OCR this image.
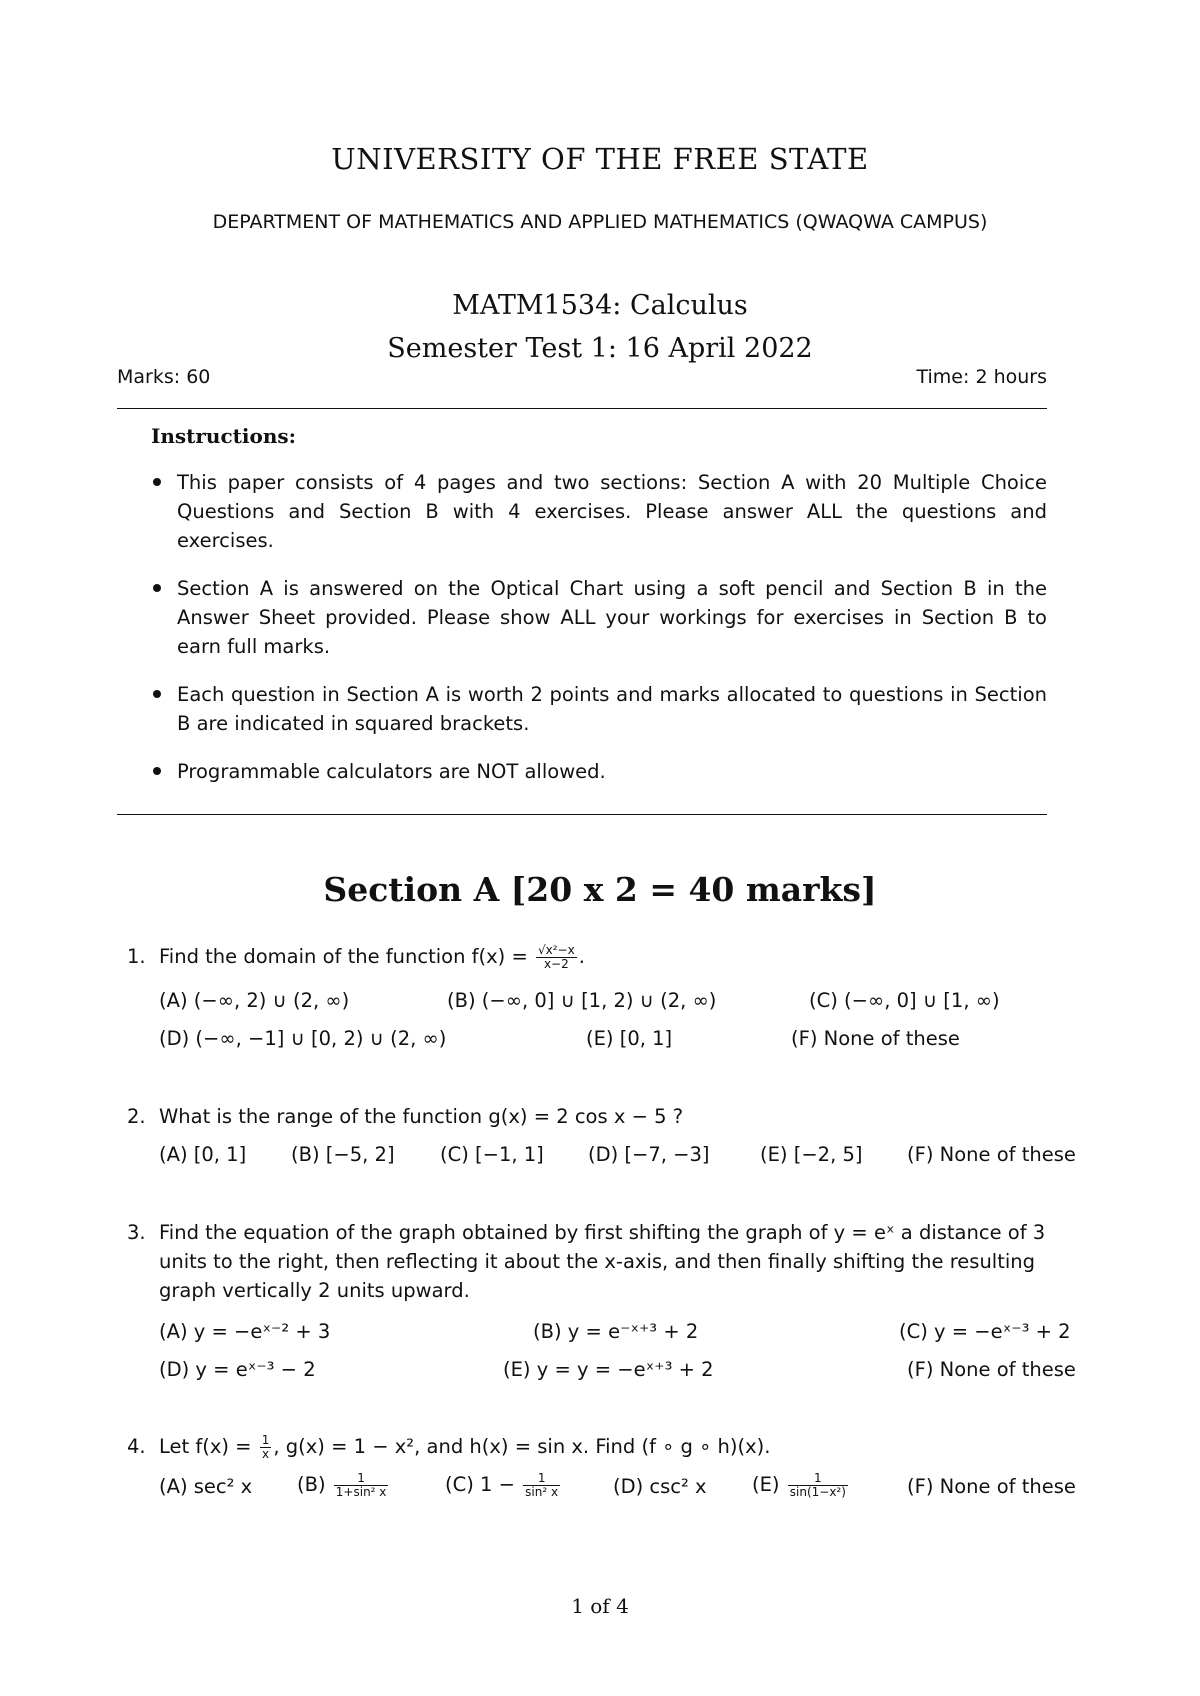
UNIVERSITY OF THE FREE STATE
DEPARTMENT OF MATHEMATICS AND APPLIED MATHEMATICS (QWAQWA CAMPUS)
MATM1534: Calculus
Semester Test 1: 16 April 2022
Marks: 60	Time: 2 hours
Instructions:
This paper consists of 4 pages and two sections: Section A with 20 Multiple Choice Questions and Section B with 4 exercises. Please answer ALL the questions and exercises.
Section A is answered on the Optical Chart using a soft pencil and Section B in the Answer Sheet provided. Please show ALL your workings for exercises in Section B to earn full marks.
Each question in Section A is worth 2 points and marks allocated to questions in Section B are indicated in squared brackets.
Programmable calculators are NOT allowed.
Section A [20 x 2 = 40 marks]
1. Find the domain of the function $f(x) = \frac{\text{√x²−x}}{x-2}$ .
(A) (−∞, 2) ∪ (2, ∞)	(B) (−∞, 0] ∪ [1, 2) ∪ (2, ∞)	(C) (−∞, 0] ∪ [1, ∞)
(D) (−∞, −1] ∪ [0, 2) ∪ (2, ∞)	(E) [0, 1]	(F) None of these
2. What is the range of the function g(x) = 2 cos x − 5 ?
(A) [0, 1] (B) [−5, 2] (C) [−1, 1] (D) [−7, −3]	(E) [−2, 5] (F) None of these
3. Find the equation of the graph obtained by first shifting the graph of y = eˣ a distance of 3 units to the right, then reflecting it about the x-axis, and then finally shifting the resulting graph vertically 2 units upward.
(A) y = −eˣ⁻² + 3	(B) y = e⁻ˣ⁺³ + 2	(C) y = −eˣ⁻³ + 2
(D) y = eˣ⁻³ − 2	(E) y = y = −eˣ⁺³ + 2	(F) None of these
4. Let $f(x) = \frac{1}{x}$ , g(x) = 1 − x², and h(x) = sin x. Find (f ∘ g ∘ h)(x).
(A) sec² x $(B) \frac{1}{\text{1+sin² x}}$	(C) $1 - \frac{1}{\text{sin² x}}$	(D) csc² x $(E) \frac{1}{\text{sin(1−x²)}}$	(F) None of these
1 of 4
